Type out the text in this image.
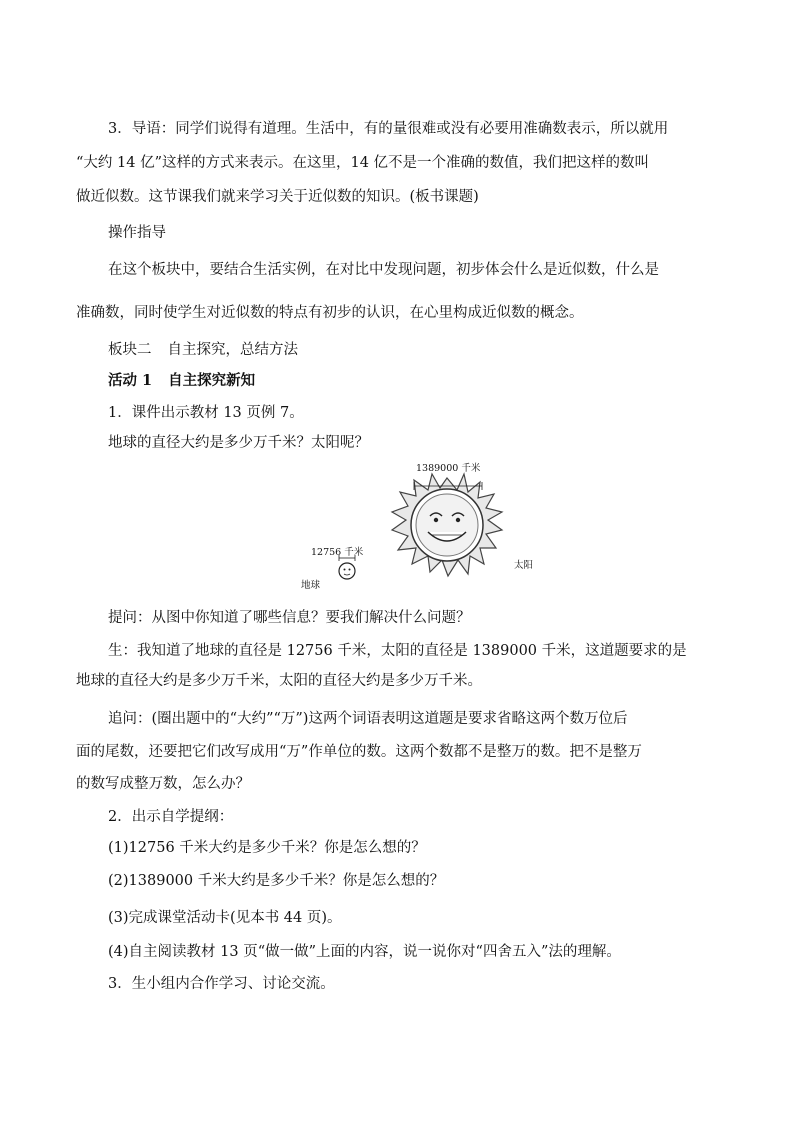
3．导语：同学们说得有道理。生活中，有的量很难或没有必要用准确数表示，所以就用

“大约 14 亿”这样的方式来表示。在这里，14 亿不是一个准确的数值，我们把这样的数叫

做近似数。这节课我们就来学习关于近似数的知识。(板书课题)

操作指导

在这个板块中，要结合生活实例，在对比中发现问题，初步体会什么是近似数，什么是

准确数，同时使学生对近似数的特点有初步的认识，在心里构成近似数的概念。

板块二 自主探究，总结方法

活动 1 自主探究新知

1．课件出示教材 13 页例 7。

地球的直径大约是多少万千米？太阳呢？

1389000 千米
太阳
12756 千米
地球

提问：从图中你知道了哪些信息？要我们解决什么问题？

生：我知道了地球的直径是 12756 千米，太阳的直径是 1389000 千米，这道题要求的是

地球的直径大约是多少万千米，太阳的直径大约是多少万千米。

追问：(圈出题中的“大约”“万”)这两个词语表明这道题是要求省略这两个数万位后

面的尾数，还要把它们改写成用“万”作单位的数。这两个数都不是整万的数。把不是整万

的数写成整万数，怎么办？

2．出示自学提纲：

(1)12756 千米大约是多少千米？你是怎么想的？

(2)1389000 千米大约是多少千米？你是怎么想的？

(3)完成课堂活动卡(见本书 44 页)。

(4)自主阅读教材 13 页“做一做”上面的内容，说一说你对“四舍五入”法的理解。

3．生小组内合作学习、讨论交流。
